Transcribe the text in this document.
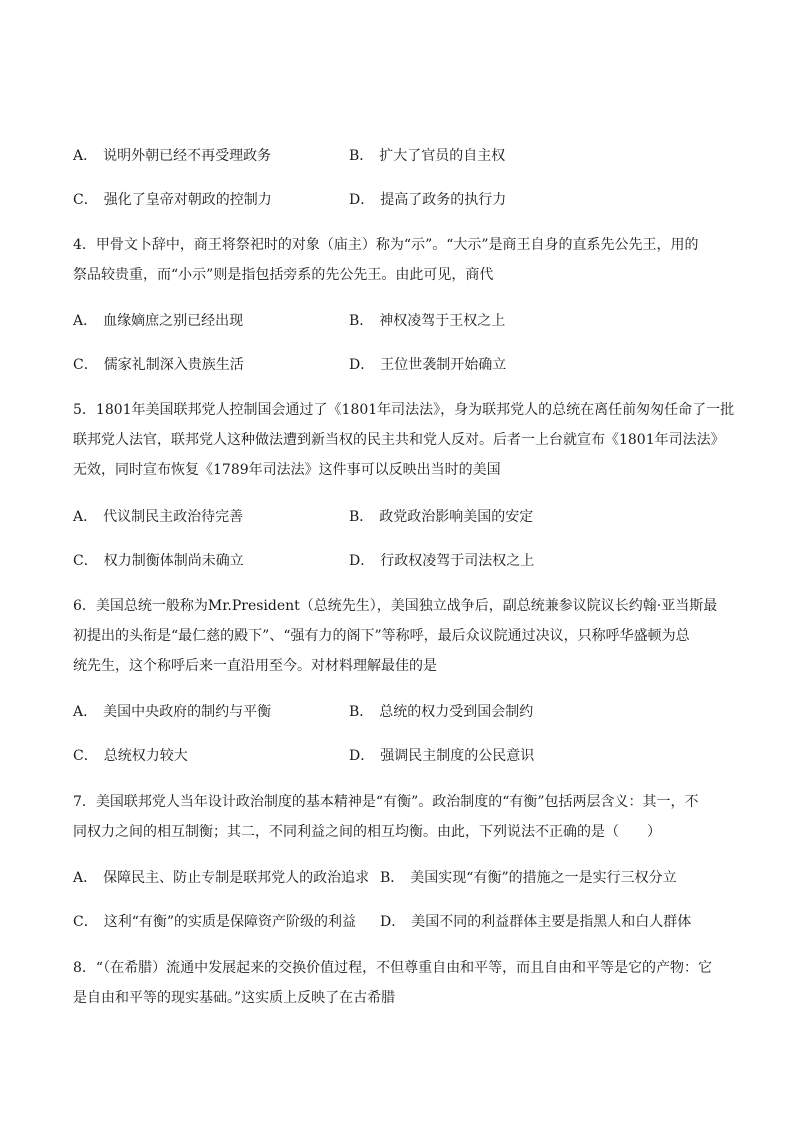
A． 说明外朝已经不再受理政务	B． 扩大了官员的自主权
C． 强化了皇帝对朝政的控制力	D． 提高了政务的执行力
4．甲骨文卜辞中，商王将祭祀时的对象（庙主）称为“示”。“大示”是商王自身的直系先公先王，用的
祭品较贵重，而“小示”则是指包括旁系的先公先王。由此可见，商代
A． 血缘嫡庶之别已经出现	B． 神权凌驾于王权之上
C． 儒家礼制深入贵族生活	D． 王位世袭制开始确立
5．1801年美国联邦党人控制国会通过了《1801年司法法》，身为联邦党人的总统在离任前匆匆任命了一批
联邦党人法官，联邦党人这种做法遭到新当权的民主共和党人反对。后者一上台就宣布《1801年司法法》
无效，同时宣布恢复《1789年司法法》这件事可以反映出当时的美国
A． 代议制民主政治待完善	B． 政党政治影响美国的安定
C． 权力制衡体制尚未确立	D． 行政权凌驾于司法权之上
6．美国总统一般称为Mr.President（总统先生），美国独立战争后，副总统兼参议院议长约翰·亚当斯最
初提出的头衔是“最仁慈的殿下”、“强有力的阁下”等称呼，最后众议院通过决议，只称呼华盛顿为总
统先生，这个称呼后来一直沿用至今。对材料理解最佳的是
A． 美国中央政府的制约与平衡	B． 总统的权力受到国会制约
C． 总统权力较大	D． 强调民主制度的公民意识
7．美国联邦党人当年设计政治制度的基本精神是“有衡”。政治制度的“有衡”包括两层含义：其一，不
同权力之间的相互制衡；其二，不同利益之间的相互均衡。由此，下列说法不正确的是（　　）
A． 保障民主、防止专制是联邦党人的政治追求 B． 美国实现“有衡”的措施之一是实行三权分立
C． 这利“有衡”的实质是保障资产阶级的利益 D． 美国不同的利益群体主要是指黑人和白人群体
8．“（在希腊）流通中发展起来的交换价值过程，不但尊重自由和平等，而且自由和平等是它的产物：它
是自由和平等的现实基础。”这实质上反映了在古希腊
